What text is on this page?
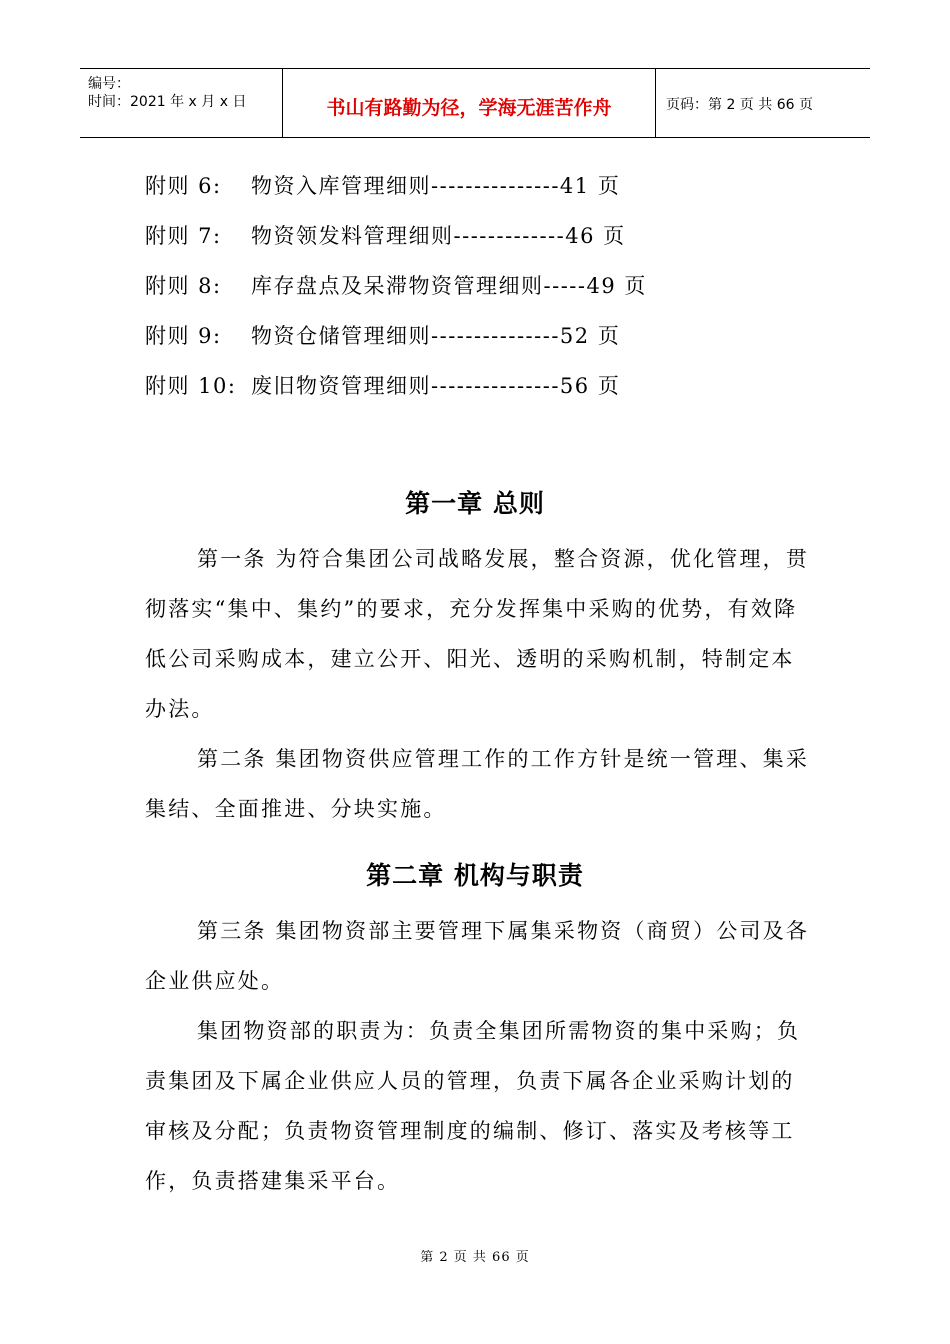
编号：
时间：2021 年 x 月 x 日	书山有路勤为径，学海无涯苦作舟	页码：第 2 页 共 66 页
附则 6:	物资入库管理细则---------------41 页
附则 7:	物资领发料管理细则-------------46 页
附则 8:	库存盘点及呆滞物资管理细则-----49 页
附则 9:	物资仓储管理细则---------------52 页
附则 10: 废旧物资管理细则---------------56 页
第一章 总则
第一条 为符合集团公司战略发展，整合资源，优化管理，贯彻落实“集中、集约”的要求，充分发挥集中采购的优势，有效降低公司采购成本，建立公开、阳光、透明的采购机制，特制定本办法。
第二条 集团物资供应管理工作的工作方针是统一管理、集采集结、全面推进、分块实施。
第二章 机构与职责
第三条 集团物资部主要管理下属集采物资（商贸）公司及各企业供应处。
集团物资部的职责为：负责全集团所需物资的集中采购；负责集团及下属企业供应人员的管理，负责下属各企业采购计划的审核及分配；负责物资管理制度的编制、修订、落实及考核等工作，负责搭建集采平台。
第 2 页 共 66 页
